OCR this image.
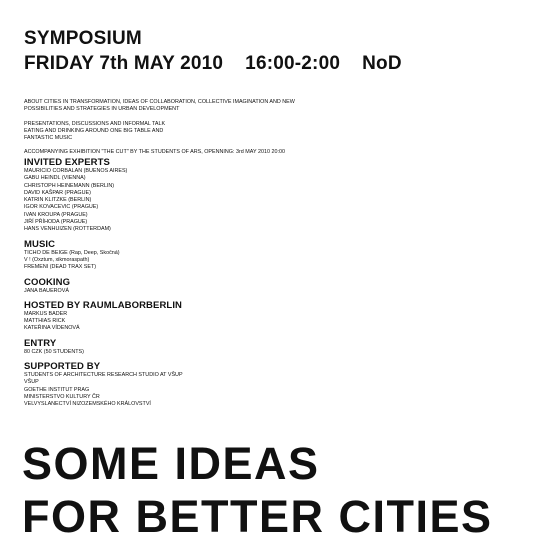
SYMPOSIUM
FRIDAY 7th MAY 2010 16:00-2:00 NoD

ABOUT CITIES IN TRANSFORMATION, IDEAS OF COLLABORATION, COLLECTIVE IMAGINATION AND NEW POSSIBILITIES AND STRATEGIES IN URBAN DEVELOPMENT

PRESENTATIONS, DISCUSSIONS AND INFORMAL TALK
EATING AND DRINKING AROUND ONE BIG TABLE AND
FANTASTIC MUSIC

ACCOMPANYING EXHIBITION "THE CUT" BY THE STUDENTS OF ARS, OPENNING: 3rd MAY 2010 20:00

INVITED EXPERTS
MAURICIO CORBALAN (BUENOS AIRES)
GABU HEINDL (VIENNA)
CHRISTOPH HEINEMANN (BERLIN)
DAVID KAŠPAR (PRAGUE)
KATRIN KLITZKE (BERLIN)
IGOR KOVACEVIC (PRAGUE)
IVAN KROUPA (PRAGUE)
JIŘÍ PŘÍHODA (PRAGUE)
HANS VENHUIZEN (ROTTERDAM)
MUSIC
TICHO DE BEIGE (Rap, Deep, Skočná)
V ! (Oxztum, xikmoraspath)
FREMENI (DEAD TRAX SET)
COOKING
JANA BAUEROVÁ
HOSTED BY RAUMLABORBERLIN
MARKUS BADER
MATTHIAS RICK
KATEŘINA VÍDENOVÁ
ENTRY
80 CZK (50 STUDENTS)
SUPPORTED BY
STUDENTS OF ARCHITECTURE RESEARCH STUDIO AT VŠUP
VŠUP
GOETHE INSTITUT PRAG
MINISTERSTVO KULTURY ČR
VELVYSLANECTVÍ NIZOZEMSKÉHO KRÁLOVSTVÍ
SOME IDEAS
FOR BETTER CITIES
